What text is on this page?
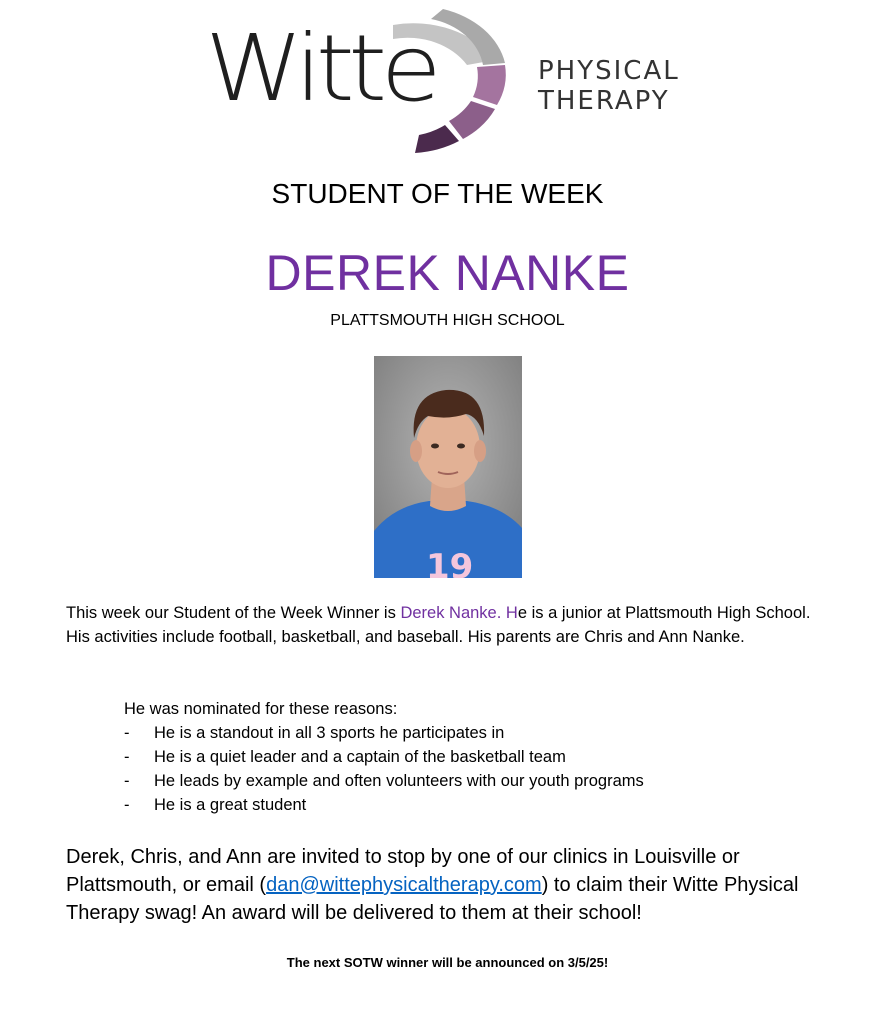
Witte	PHYSICAL
THERAPY
STUDENT OF THE WEEK
DEREK NANKE
PLATTSMOUTH HIGH SCHOOL
19
This week our Student of the Week Winner is Derek Nanke. He is a junior at Plattsmouth High School. His activities include football, basketball, and baseball. His parents are Chris and Ann Nanke.
He was nominated for these reasons:
- He is a standout in all 3 sports he participates in
- He is a quiet leader and a captain of the basketball team
- He leads by example and often volunteers with our youth programs
- He is a great student
Derek, Chris, and Ann are invited to stop by one of our clinics in Louisville or Plattsmouth, or email (dan@wittephysicaltherapy.com) to claim their Witte Physical Therapy swag! An award will be delivered to them at their school!
The next SOTW winner will be announced on 3/5/25!
